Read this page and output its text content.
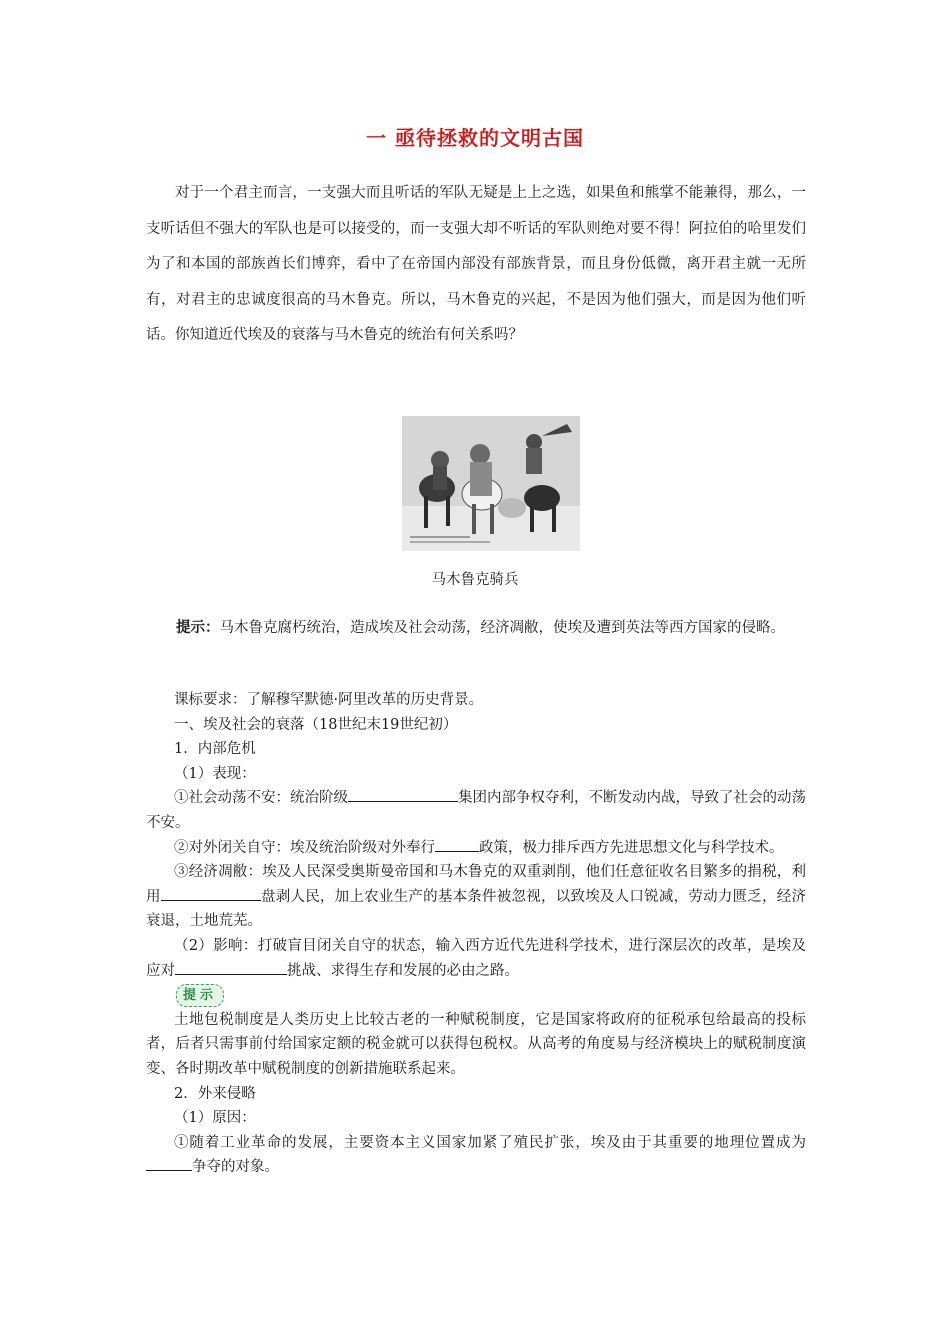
一 亟待拯救的文明古国
对于一个君主而言，一支强大而且听话的军队无疑是上上之选，如果鱼和熊掌不能兼得，那么，一支听话但不强大的军队也是可以接受的，而一支强大却不听话的军队则绝对要不得！阿拉伯的哈里发们为了和本国的部族酋长们博弈，看中了在帝国内部没有部族背景，而且身份低微，离开君主就一无所有，对君主的忠诚度很高的马木鲁克。所以，马木鲁克的兴起，不是因为他们强大，而是因为他们听话。你知道近代埃及的衰落与马木鲁克的统治有何关系吗？
马木鲁克骑兵
提示：马木鲁克腐朽统治，造成埃及社会动荡，经济凋敝，使埃及遭到英法等西方国家的侵略。

课标要求：了解穆罕默德·阿里改革的历史背景。

一、埃及社会的衰落（18世纪末19世纪初）

1．内部危机

（1）表现：

①社会动荡不安：统治阶级	集团内部争权夺利，不断发动内战，导致了社会的动荡不安。

②对外闭关自守：埃及统治阶级对外奉行	政策，极力排斥西方先进思想文化与科学技术。

③经济凋敝：埃及人民深受奥斯曼帝国和马木鲁克的双重剥削，他们任意征收名目繁多的捐税，利用	盘剥人民，加上农业生产的基本条件被忽视，以致埃及人口锐减，劳动力匮乏，经济衰退，土地荒芜。

（2）影响：打破盲目闭关自守的状态，输入西方近代先进科学技术，进行深层次的改革，是埃及应对	挑战、求得生存和发展的必由之路。

提示

土地包税制度是人类历史上比较古老的一种赋税制度，它是国家将政府的征税承包给最高的投标者，后者只需事前付给国家定额的税金就可以获得包税权。从高考的角度易与经济模块上的赋税制度演变、各时期改革中赋税制度的创新措施联系起来。

2．外来侵略

（1）原因：

①随着工业革命的发展，主要资本主义国家加紧了殖民扩张，埃及由于其重要的地理位置成为争夺的对象。
